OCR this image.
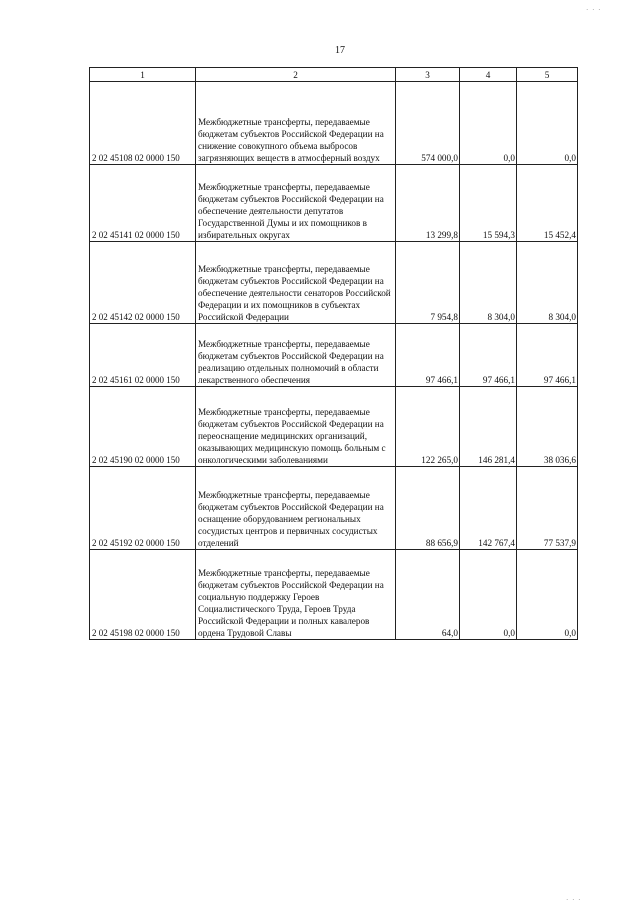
17
1	2	3	4	5
2 02 45108 02 0000 150	Межбюджетные трансферты, передаваемые бюджетам субъектов Российской Федерации на снижение совокупного объема выбросов загрязняющих веществ в атмосферный воздух	574 000,0	0,0	0,0
2 02 45141 02 0000 150	Межбюджетные трансферты, передаваемые бюджетам субъектов Российской Федерации на обеспечение деятельности депутатов Государственной Думы и их помощников в избирательных округах	13 299,8	15 594,3	15 452,4
2 02 45142 02 0000 150	Межбюджетные трансферты, передаваемые бюджетам субъектов Российской Федерации на обеспечение деятельности сенаторов Российской Федерации и их помощников в субъектах Российской Федерации	7 954,8	8 304,0	8 304,0
2 02 45161 02 0000 150	Межбюджетные трансферты, передаваемые бюджетам субъектов Российской Федерации на реализацию отдельных полномочий в области лекарственного обеспечения	97 466,1	97 466,1	97 466,1
2 02 45190 02 0000 150	Межбюджетные трансферты, передаваемые бюджетам субъектов Российской Федерации на переоснащение медицинских организаций, оказывающих медицинскую помощь больным с онкологическими заболеваниями	122 265,0	146 281,4	38 036,6
2 02 45192 02 0000 150	Межбюджетные трансферты, передаваемые бюджетам субъектов Российской Федерации на оснащение оборудованием региональных сосудистых центров и первичных сосудистых отделений	88 656,9	142 767,4	77 537,9
2 02 45198 02 0000 150	Межбюджетные трансферты, передаваемые бюджетам субъектов Российской Федерации на социальную поддержку Героев Социалистического Труда, Героев Труда Российской Федерации и полных кавалеров ордена Трудовой Славы	64,0	0,0	0,0
· · ·
· · ·
